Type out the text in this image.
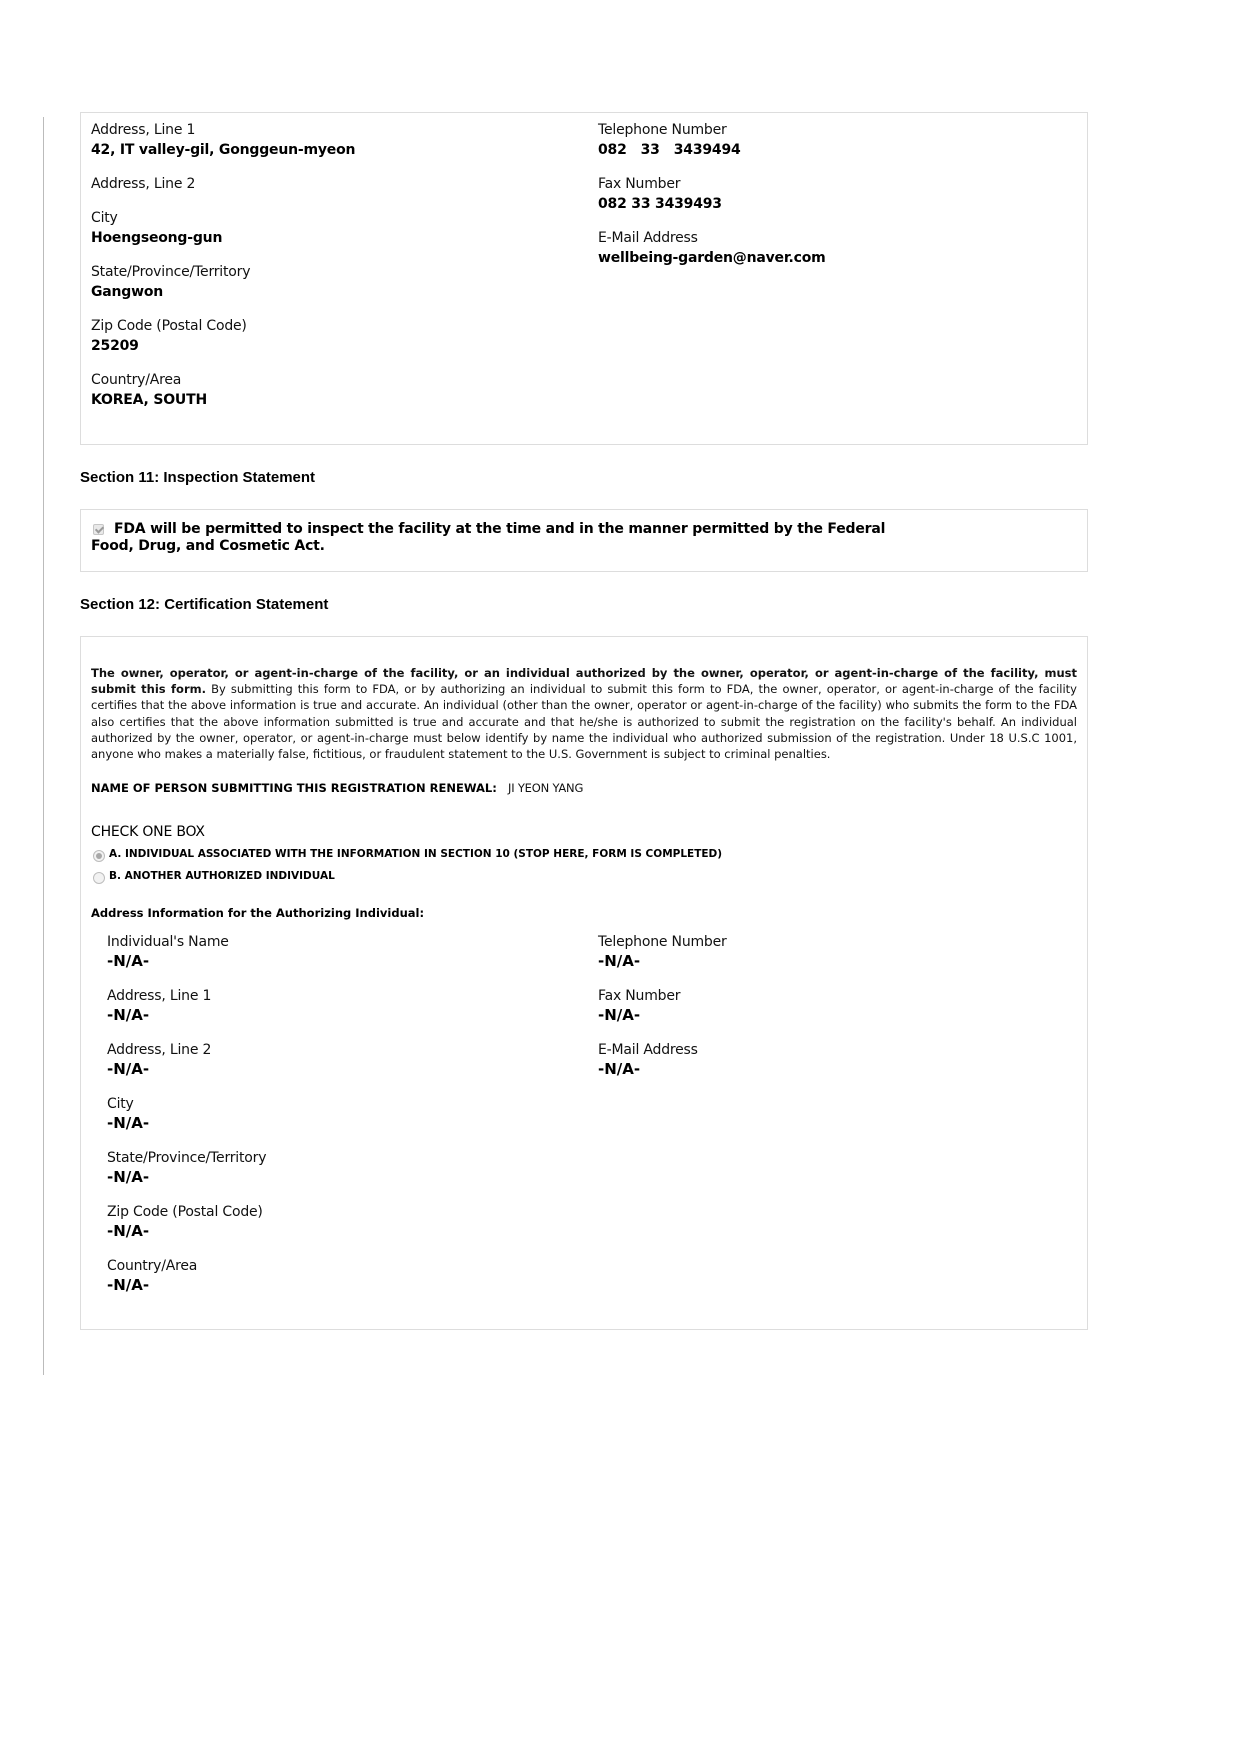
Address, Line 1
42, IT valley-gil, Gonggeun-myeon
Address, Line 2
City
Hoengseong-gun
State/Province/Territory
Gangwon
Zip Code (Postal Code)
25209
Country/Area
KOREA, SOUTH
Telephone Number
082   33   3439494
Fax Number
082 33 3439493
E-Mail Address
wellbeing-garden@naver.com
Section 11: Inspection Statement
FDA will be permitted to inspect the facility at the time and in the manner permitted by the Federal
Food, Drug, and Cosmetic Act.
Section 12: Certification Statement
The owner, operator, or agent-in-charge of the facility, or an individual authorized by the owner, operator, or agent-in-charge of the facility, must submit this form. By submitting this form to FDA, or by authorizing an individual to submit this form to FDA, the owner, operator, or agent-in-charge of the facility certifies that the above information is true and accurate. An individual (other than the owner, operator or agent-in-charge of the facility) who submits the form to the FDA also certifies that the above information submitted is true and accurate and that he/she is authorized to submit the registration on the facility's behalf. An individual authorized by the owner, operator, or agent-in-charge must below identify by name the individual who authorized submission of the registration. Under 18 U.S.C 1001, anyone who makes a materially false, fictitious, or fraudulent statement to the U.S. Government is subject to criminal penalties.
NAME OF PERSON SUBMITTING THIS REGISTRATION RENEWAL: JI YEON YANG
CHECK ONE BOX
A. INDIVIDUAL ASSOCIATED WITH THE INFORMATION IN SECTION 10 (STOP HERE, FORM IS COMPLETED)
B. ANOTHER AUTHORIZED INDIVIDUAL
Address Information for the Authorizing Individual:
Individual's Name
-N/A-
Address, Line 1
-N/A-
Address, Line 2
-N/A-
City
-N/A-
State/Province/Territory
-N/A-
Zip Code (Postal Code)
-N/A-
Country/Area
-N/A-
Telephone Number
-N/A-
Fax Number
-N/A-
E-Mail Address
-N/A-
